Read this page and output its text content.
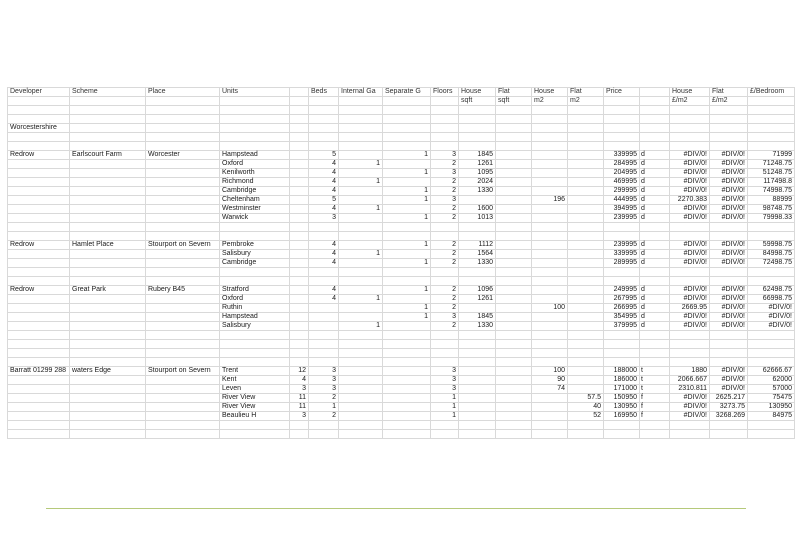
Developer	Scheme	Place	Units		Beds	Internal Ga	Separate G	Floors	House	Flat	House	Flat	Price		House	Flat	£/Bedroom
									sqft	sqft	m2	m2			£/m2	£/m2	

Worcestershire																	

Redrow	Earlscourt Farm	Worcester	Hampstead		5		1	3	1845				339995	d	#DIV/0!	#DIV/0!	71999
			Oxford		4	1		2	1261				284995	d	#DIV/0!	#DIV/0!	71248.75
			Kenilworth		4		1	3	1095				204995	d	#DIV/0!	#DIV/0!	51248.75
			Richmond		4	1		2	2024				469995	d	#DIV/0!	#DIV/0!	117498.8
			Cambridge		4		1	2	1330				299995	d	#DIV/0!	#DIV/0!	74998.75
			Cheltenham		5		1	3			196		444995	d	2270.383	#DIV/0!	88999
			Westminster		4	1		2	1600				394995	d	#DIV/0!	#DIV/0!	98748.75
			Warwick		3		1	2	1013				239995	d	#DIV/0!	#DIV/0!	79998.33

Redrow	Hamlet Place	Stourport on Severn	Pembroke		4		1	2	1112				239995	d	#DIV/0!	#DIV/0!	59998.75
			Salisbury		4	1		2	1564				339995	d	#DIV/0!	#DIV/0!	84998.75
			Cambridge		4		1	2	1330				289995	d	#DIV/0!	#DIV/0!	72498.75

Redrow	Great Park	Rubery B45	Stratford		4		1	2	1096				249995	d	#DIV/0!	#DIV/0!	62498.75
			Oxford		4	1		2	1261				267995	d	#DIV/0!	#DIV/0!	66998.75
			Ruthin				1	2			100		266995	d	2669.95	#DIV/0!	#DIV/0!
			Hampstead				1	3	1845				354995	d	#DIV/0!	#DIV/0!	#DIV/0!
			Salisbury			1		2	1330				379995	d	#DIV/0!	#DIV/0!	#DIV/0!

Barratt 01299 288	waters Edge	Stourport on Severn	Trent	12	3			3			100		188000	t	1880	#DIV/0!	62666.67
			Kent	4	3			3			90		186000	t	2066.667	#DIV/0!	62000
			Leven	3	3			3			74		171000	t	2310.811	#DIV/0!	57000
			River View	11	2			1				57.5	150950	f	#DIV/0!	2625.217	75475
			River View	11	1			1				40	130950	f	#DIV/0!	3273.75	130950
			Beaulieu H	3	2			1				52	169950	f	#DIV/0!	3268.269	84975
